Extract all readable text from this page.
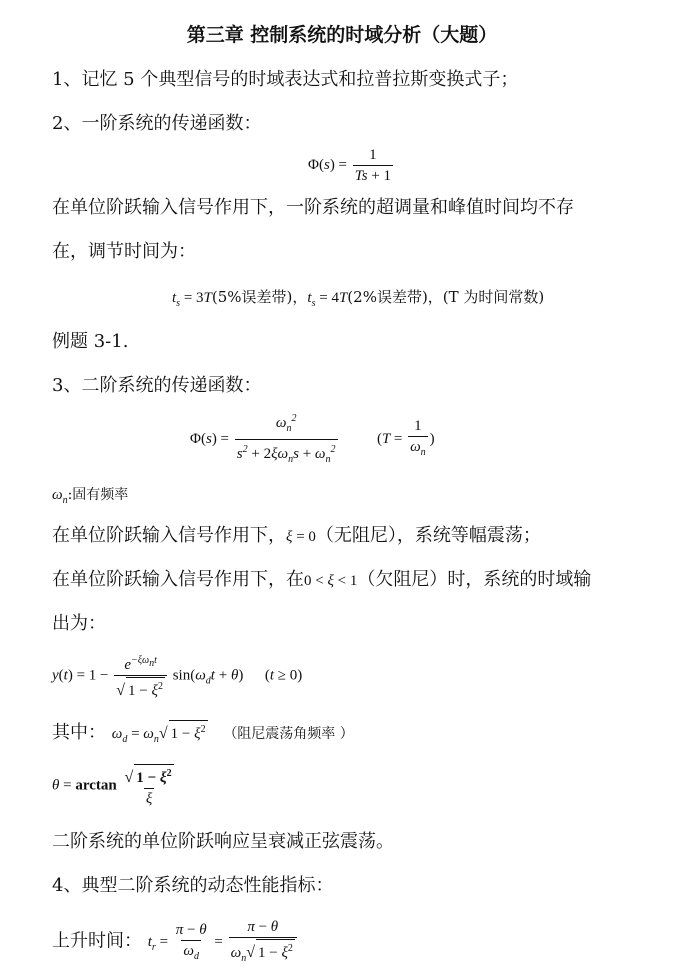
第三章 控制系统的时域分析（大题）
1、记忆 5 个典型信号的时域表达式和拉普拉斯变换式子；
2、一阶系统的传递函数：
$\Phi(s) = \frac{1}{Ts + 1}$
在单位阶跃输入信号作用下，一阶系统的超调量和峰值时间均不存
在，调节时间为：
$t_s = 3T(5\%$误差带)，$t_s = 4T(2\%$误差带)，(T 为时间常数)
例题 3-1.
3、二阶系统的传递函数：
$\Phi(s) = \frac{\omega_n^2}{s^2 + 2\xi\omega_ns + \omega_n^2}$	($T = \frac{1}{\omega_n}$ )
$\omega_n$:固有频率
在单位阶跃输入信号作用下，ξ = 0（无阻尼），系统等幅震荡；
在单位阶跃输入信号作用下，在0 < ξ < 1（欠阻尼）时，系统的时域输
出为：
$y(t) = 1 - \frac{e^{-\xi\omega_nt}}{√ 1 - \xi^2} \sin(\omega_dt + \theta) (t \ge 0)$
其中： $\omega_d = \omega_n√$ $1 - \xi^2$ （阻尼震荡角频率 ）
$\theta = \arctan \frac{√ 1 - \xi^2}{\xi}$
二阶系统的单位阶跃响应呈衰减正弦震荡。
4、典型二阶系统的动态性能指标：
上升时间： $t_r = \frac{\pi - \theta}{\omega_d} = \frac{\pi - \theta}{\omega_n√ 1 - \xi^2}$
